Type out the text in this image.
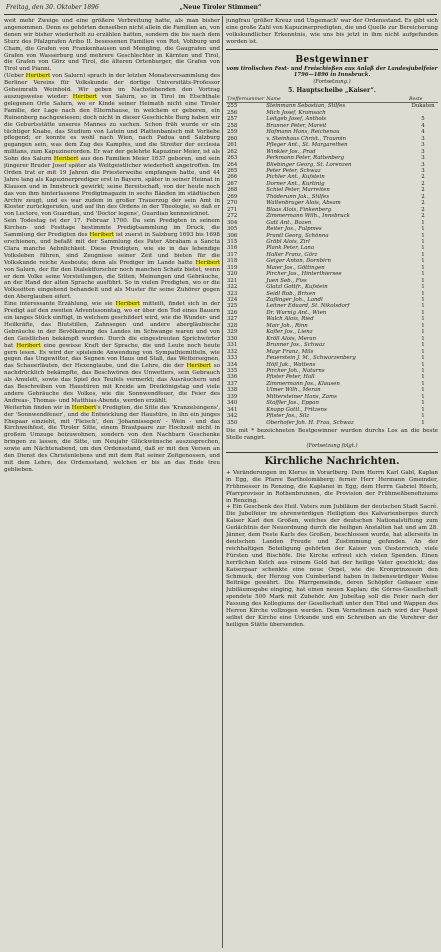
Freitag, den 30. Oktober 1896	„Neue Tiroler Stimmen“

weit mehr Zweige und eine größere Verbreitung hatte, als man bisher angenommen. Denn es gehörten denselben nicht allein die Familien an, von denen wir bisher wiederholt zu erzählen hatten, sondern die bis nach dem Sturz des Pfalzgrafen Aribo II. besessenen Familien von Rot, Vohburg und Cham, die Grafen von Frankenhausen und Mengling, die Gaugrafen und Grafen von Wasserburg und mehrere Geschlechter in Kärnten und Tirol, die Grafen von Görz und Tirol, die älteren Ortenburger, die Grafen von Tirol und Pianni.

(Ueber Heribert von Salurn) sprach in der letzten Monatsversammlung des Berliner Vereins für Volkskunde der dortige Universitäts-Professor Geheimrath Weinhold. Wir geben im Nachstehenden den Vortrag auszugsweise wieder: Heribert von Salurn, so in Tirol im Etschthale gelegenen Orte Salurn, wo er Kinde seiner Heimath nicht eine Tiroler Familie, der Lage nach den Elternhause, in welchem er geboren, ein Ruinenberg nachgewiesen; doch nicht in dieser Geschichte Burg haben wir die Geburtsstätte unseres Mannes zu suchen. Schon früh wurde er ein tüchtiger Knabe, das Studium von Latein und Plattenbanisch mit Vorliebe pflegend; er konnte es wohl nach Wien, nach Padua und Salzburg gegangen sein, was dem Zug des Kampfes, und die Streiter der ecclesia militans, zum Kapuzinerorden. Er war der gelehrte Kapuziner Meier, ist als Sohn des Salurn Heribert aus den Familien Meier 1637 geboren, und sein jüngerer Bruder Josef später als Weltgeistlicher wiederholt angetroffen. Im Orden trat er mit 19 Jahren die Priesterweihe empfangen hatte, und 44 Jahre lang als Kapuzinerprediger erst in Bayern, später in seiner Heimat in Klausen und in Innsbruck gewirkt; seine Bereitschaft, von der heute noch das von ihm hinterlassene Predigtmagazin in sechs Bänden im städtischen Archiv zeugt, und es war zudem in großer Trauerzug der sein Amt in Kloster zurückgerufen, und auf ihn des Ordens in der Theologie, so daß er von Lectore, von Guardian, und 'Doctor legens', Guardian kennzeichnet.

Sein Todestag ist der 17. Februar 1700. Da sein Predigten in seinem Kirchen- und Festtage bestimmte Predigtsammlung im Druck, die Sammlung der Predigten des Heribert ist zuerst in Salzburg 1693 bis 1698 erschienen, und befaßt mit der Sammlung des Pater Abraham a Sancta Clara manche Aehnlichkeit. Diese Predigten, wie sie in das lebendige Volksleben führen, sind Zeugnisse seiner Zeit und bieten für die Volkskunde reiche Ausbeute; denn als Prediger im Lande hatte Heribert von Salurn, der für den Dialektforscher noch manchen Schatz bietet, wenn er dem Volke seine Vorstellungen, die Sitten, Meinungen und Gebräuche, an der Hand der alten Sprache ausführt. So in vielen Predigten, wo er die Volkssitten eingehend behandelt und als Muster für seine Zuhörer gegen den Aberglauben eifert.

Eine interessante Erzählung, wie sie Heribert mitteilt, findet sich in der Predigt auf den zweiten Adventssonntag, wo er über den Tod eines Bauern ein langes Stück einfügt, in welchem geschildert wird, wie die Wunder- und Heilkräfte, das Blutstillen, Zahnsegen und andere abergläubische Gebräuche in der Bevölkerung des Landes im Schwange waren und von den Geistlichen bekämpft wurden. Durch die eingestreuten Sprichwörter hat Heribert eine gewisse Kraft der Sprache, die und Leute noch heute gern lesen. Es wird der spielende Anwendung von Sympathiemitteln, wie gegen das Ungewitter, das Segnen von Haus und Stall, das Wettersegnen, das Schauerläuten, der Hexenglaube, und die Lehre, die der Heribert so nachdrücklich bekämpfte, das Beschwören des Unwetters, sein Gebrauch als Amulett, sowie das Spiel des Teufels vermerkt; das Ausräuchern und das Beschreiben von Haustüren mit Kreide am Dreikönigstag und viele andere Gebräuche des Volkes, wie die Sonnwendfeuer, die Feier des Andreas-, Thomas- und Matthias-Abends, werden erzählt.

Weiterhin finden wir in Heribert's Predigten, die Sitte des 'Kranzelsingens', der 'Sonnwendfeuer', und die Entwicklung der Haustüre, in ihn ein junges Ehepaar einzieht, mit 'Fleisch', den 'Johannissegen' - Wein - und das Kirchweihfest, die Tiroler Sitte, einem Brautpaare zur Hochzeit nicht in großem Umzuge beizuwohnen, sondern von den Nachbarn Geschenke bringen zu lassen, die Sitte, um Neujahr Glückwünsche auszusprechen, sowie am Nächtenabend, um den Ordensstand, daß er mit den Versen an den Dienst des Christenlebens und mit dem Rat seiner Zeitgenossen, und mit dem Lehre, des Ordensstand, welchen er bis an das Ende treu geblieben.

jungfrau 'größer Kreuz und Ungemach' war der Ordensstand. Es gibt sich eine große Zahl von Kapuzinerpredigten, die und Quelle zur Bereicherung volkskundlicher Erkenntnis, wie uns bis jetzt in ihm nicht aufgefunden worden ist.

Bestgewinner
vom tirolischen Fest- und Freischießen aus Anlaß der Landesjubelfeier 1796—1896 in Innsbruck.
(Fortsetzung.)
5. Hauptscheibe „Kaiser“.
Treffernummer	Name	Beste
255	Steinmann Sebastian, Stilfes	Dukaten
256	Mich Josef, Kramsach	
257	Leitgeb Josef, Anthols	5
258	Brunner Peter, Mareit	4
259	Hofmann Hans, Reichenau	4
260	v. Steinhaus Christ., Traumin	3
261	Pfleger Ant., St. Margarethen	3
262	Winkler Jos., Prad	3
263	Perkmann Peter, Rattenberg	3
264	Bliebinger Georg, St. Lorenzen	3
265	Peter Peter, Schwaz	3
266	Pichler Ant., Kufstein	2
267	Dorner Ant., Kurtinig	2
268	Schiel Peter, Marreiten	2
269	Thöderunn Jak., Stilfes	2
270	Waltenbruger Alois, Absam	2
271	Blaas Alois, Finkenberg	2
272	Zimmermann Wilh., Innsbruck	2
304	Gatt Ant., Bozen	1
305	Reiter Jos., Fulpmes	1
306	Prantl Georg, Schönna	1
315	Gräbl Alois, Zirl	1
316	Plank Peter, Lana	1
317	Haller Franz, Görz	1
318	Geiger Anton, Dornbirn	1
319	Maier Jos., Göttingen	1
320	Pircher Jos., Hinterthiersee	1
321	Juen Seb., Fiss	1
322	Glatzl Gottfr., Kufstein	1
323	Seidl Rob., Brixen	1
324	Zuflinger Joh., Landl	1
325	Leitner Eduard, St. Nikolsdorf	1
326	Dr. Wurnig Ant., Wien	1
327	Walch Alois, Ried	1
328	Mair Joh., Rinn	1
329	Kofler Jos., Lienz	1
330	Kröll Alois, Meran	1
331	Brunner Jos., Schwaz	1
332	Mayr Franz, Mils	1
333	Feuerstein J. M., Schwarzenberg	1
334	Höfl Jak., Wattens	1
335	Pircher Joh., Naturns	1
336	Pfister Peter, Hall	1
337	Zimmermann Jos., Klausen	1
338	Ulmer Wilh., Meran	1
339	Mittersteiner Hans, Zams	1
340	Staffler Jos., Eppan	1
341	Knapp Gottl., Fritzens	1
342	Pfister Jos., Silz	1
350	Oberhofer Joh. H. Frau, Schwaz	1

Die mit * bezeichneten Bestgewinner wurden durchs Los an die beste Stelle rangirt.

(Fortsetzung folgt.)
Kirchliche Nachrichten.

+ Veränderungen im Klerus in Vorarlberg. Dem Herrn Karl Gabl, Kaplan in Egg, die Pfarre Bartholomäberg; ferner Herr Hermann Gmeinder, Frühmesser in Renzing, die Kaplanei in Egg; dem Herrn Gabriel Rösch, Pfarrprovisor in Rothenbrunnen, die Provision der Frühmeßbenefiziums in Renzing.

+ Ein Geschenk des Heil. Vaters zum Jubiläum der deutschen Stadt Sacré. Die Jubelfeier im ehrenwürdigen Heiligtum des Kalvarienberges durch Kaiser Karl den Großen, welches der deutschen Nationalstiftung zum Gedächtnis der Neuordnung durch die heiligen Anstalten hat und am 28. Jänner, dem Feste Karls des Großen, beschlossen wurde, hat allerseits in deutschen Landen Freude und Zustimmung gefunden. An der reichhaltigen Beteiligung gehörten der Kaiser von Oesterreich, viele Fürsten und Bischöfe. Die Kirche erfreut sich vielen Spenden. Einen herrlichen Kelch aus reinem Gold hat der heilige Vater geschickt; das Kaiserpaar schenkte eine neue Orgel, wie die Kronprinzessin den Schmuck, der Herzog von Cumberland haben in liebenswürdiger Weise Beiträge gewährt. Die Pfarrgemeinde, deren Schöpfer Gebauer eine Jubiläumsgabe einging, hat einen neuen Kaplan; die Görres-Gesellschaft spendete 500 Mark mit Zubehör. Am Jubeltag soll die Feier nach der Fassung des Kollegiums der Gesellschaft unter den Titel und Wappen des Herren Kirche vollzogen werden. Dem Vernehmen nach wird der Papst selbst der Kirche eine Urkunde und ein Schreiben an die Verehrer der heiligen Stätte übersenden.
